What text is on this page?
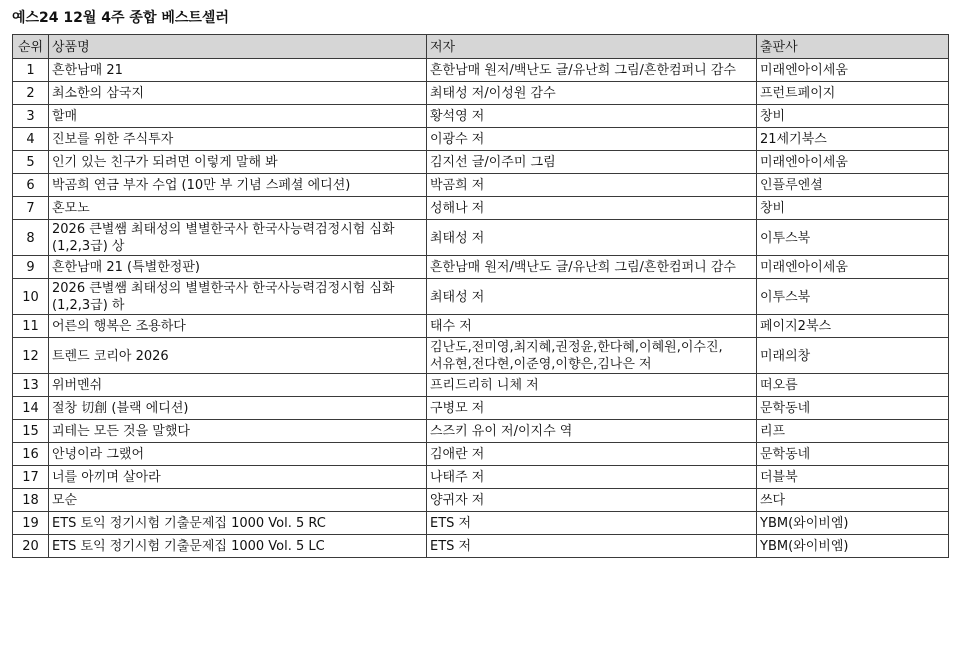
예스24 12월 4주 종합 베스트셀러
순위	상품명	저자	출판사
1	흔한남매 21	흔한남매 원저/백난도 글/유난희 그림/흔한컴퍼니 감수	미래엔아이세움
2	최소한의 삼국지	최태성 저/이성원 감수	프런트페이지
3	할매	황석영 저	창비
4	진보를 위한 주식투자	이광수 저	21세기북스
5	인기 있는 친구가 되려면 이렇게 말해 봐	김지선 글/이주미 그림	미래엔아이세움
6	박곰희 연금 부자 수업 (10만 부 기념 스페셜 에디션)	박곰희 저	인플루엔셜
7	혼모노	성해나 저	창비
8	2026 큰별쌤 최태성의 별별한국사 한국사능력검정시험 심화(1,2,3급) 상	최태성 저	이투스북
9	흔한남매 21 (특별한정판)	흔한남매 원저/백난도 글/유난희 그림/흔한컴퍼니 감수	미래엔아이세움
10	2026 큰별쌤 최태성의 별별한국사 한국사능력검정시험 심화(1,2,3급) 하	최태성 저	이투스북
11	어른의 행복은 조용하다	태수 저	페이지2북스
12	트렌드 코리아 2026	김난도,전미영,최지혜,권정윤,한다혜,이혜원,이수진,서유현,전다현,이준영,이향은,김나은 저	미래의창
13	위버멘쉬	프리드리히 니체 저	떠오름
14	절창 切創 (블랙 에디션)	구병모 저	문학동네
15	괴테는 모든 것을 말했다	스즈키 유이 저/이지수 역	리프
16	안녕이라 그랬어	김애란 저	문학동네
17	너를 아끼며 살아라	나태주 저	더블북
18	모순	양귀자 저	쓰다
19	ETS 토익 정기시험 기출문제집 1000 Vol. 5 RC	ETS 저	YBM(와이비엠)
20	ETS 토익 정기시험 기출문제집 1000 Vol. 5 LC	ETS 저	YBM(와이비엠)
